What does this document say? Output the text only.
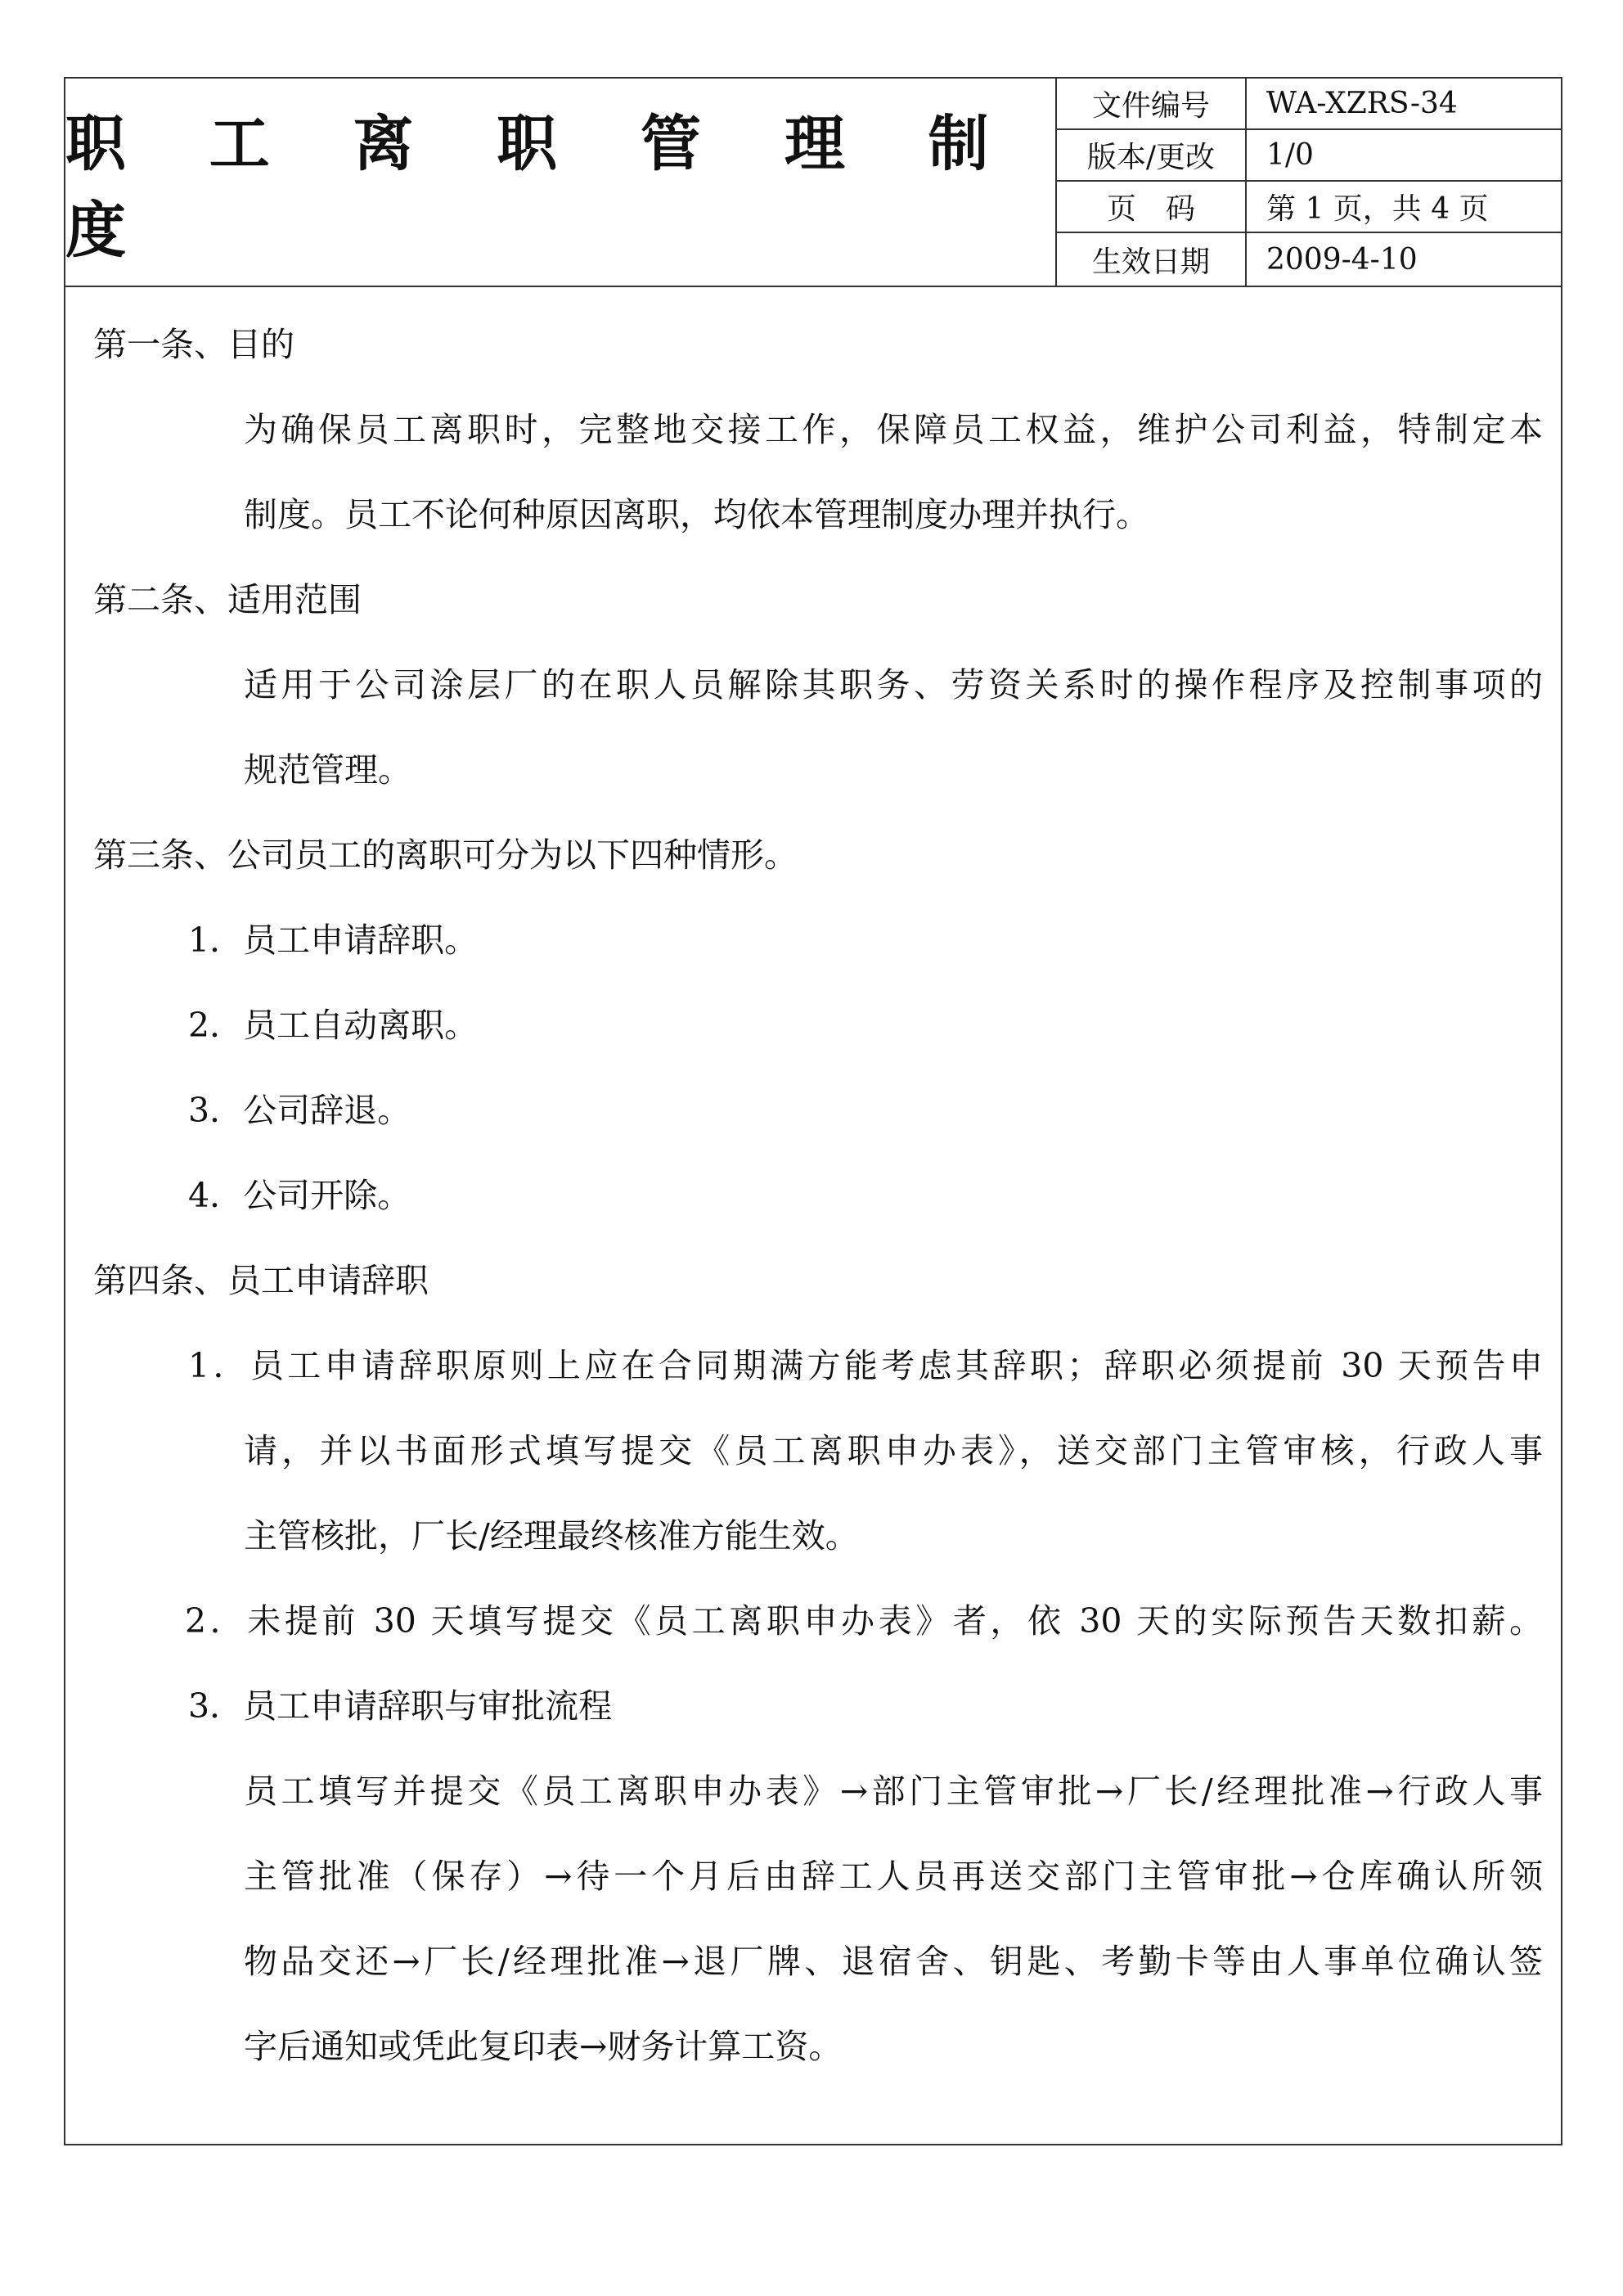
职 工 离 职 管 理 制 度
文件编号	WA-XZRS-34
版本/更改	1/0
页　码	第 1 页，共 4 页
生效日期	2009-4-10
第一条、目的
为确保员工离职时，完整地交接工作，保障员工权益，维护公司利益，特制定本
制度。员工不论何种原因离职，均依本管理制度办理并执行。
第二条、适用范围
适用于公司涂层厂的在职人员解除其职务、劳资关系时的操作程序及控制事项的
规范管理。
第三条、公司员工的离职可分为以下四种情形。
1．员工申请辞职。
2．员工自动离职。
3．公司辞退。
4．公司开除。
第四条、员工申请辞职
1．员工申请辞职原则上应在合同期满方能考虑其辞职；辞职必须提前 30 天预告申
请，并以书面形式填写提交《员工离职申办表》，送交部门主管审核，行政人事
主管核批，厂长/经理最终核准方能生效。
2．未提前 30 天填写提交《员工离职申办表》者，依 30 天的实际预告天数扣薪。
3．员工申请辞职与审批流程
员工填写并提交《员工离职申办表》→部门主管审批→厂长/经理批准→行政人事
主管批准（保存）→待一个月后由辞工人员再送交部门主管审批→仓库确认所领
物品交还→厂长/经理批准→退厂牌、退宿舍、钥匙、考勤卡等由人事单位确认签
字后通知或凭此复印表→财务计算工资。
